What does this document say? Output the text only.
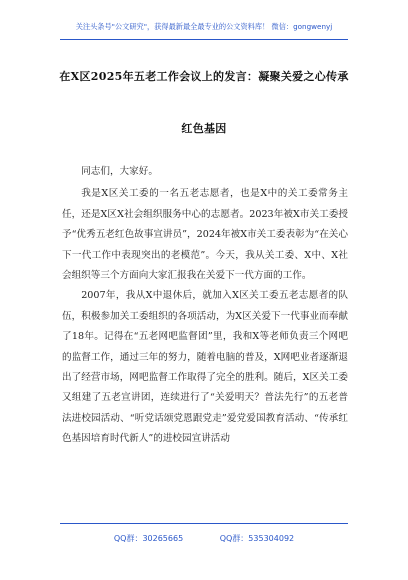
关注头条号"公文研究"，获得最新最全最专业的公文资料库！ 微信：gongwenyj
在X区2025年五老工作会议上的发言：凝聚关爱之心传承
红色基因

同志们，大家好。

我是X区关工委的一名五老志愿者，也是X中的关工委常务主任，还是X区X社会组织服务中心的志愿者。2023年被X市关工委授予“优秀五老红色故事宣讲员”，2024年被X市关工委表彰为“在关心下一代工作中表现突出的老模范”。今天，我从关工委、X中、X社会组织等三个方面向大家汇报我在关爱下一代方面的工作。

2007年，我从X中退休后，就加入X区关工委五老志愿者的队伍，积极参加关工委组织的各项活动，为X区关爱下一代事业而奉献了18年。记得在“五老网吧监督团”里，我和X等老师负责三个网吧的监督工作，通过三年的努力，随着电脑的普及，X网吧业者逐渐退出了经营市场，网吧监督工作取得了完全的胜利。随后，X区关工委又组建了五老宣讲团，连续进行了“关爱明天？普法先行”的五老普法进校园活动、“听党话颂党恩跟党走”爱党爱国教育活动、“传承红色基因培育时代新人”的进校园宣讲活动

QQ群：30265665	QQ群：535304092
